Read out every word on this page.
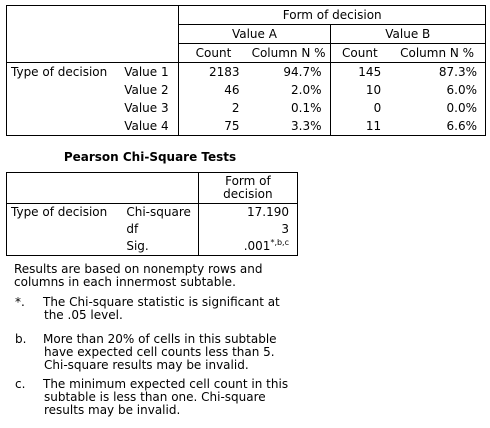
		Form of decision			
		Value A		Value B	
		Count	Column N %	Count	Column N %
Type of decision	Value 1	2183	94.7%	145	87.3%
	Value 2	46	2.0%	10	6.0%
	Value 3	2	0.1%	0	0.0%
	Value 4	75	3.3%	11	6.6%
Pearson Chi-Square Tests
		Form of decision
Type of decision	Chi-square	17.190
	df	3
	Sig.	$.001^{*,b,c}$
Results are based on nonempty rows and columns in each innermost subtable.
*. The Chi-square statistic is significant at the .05 level.
b. More than 20% of cells in this subtable have expected cell counts less than 5. Chi-square results may be invalid.
c. The minimum expected cell count in this subtable is less than one. Chi-square results may be invalid.
